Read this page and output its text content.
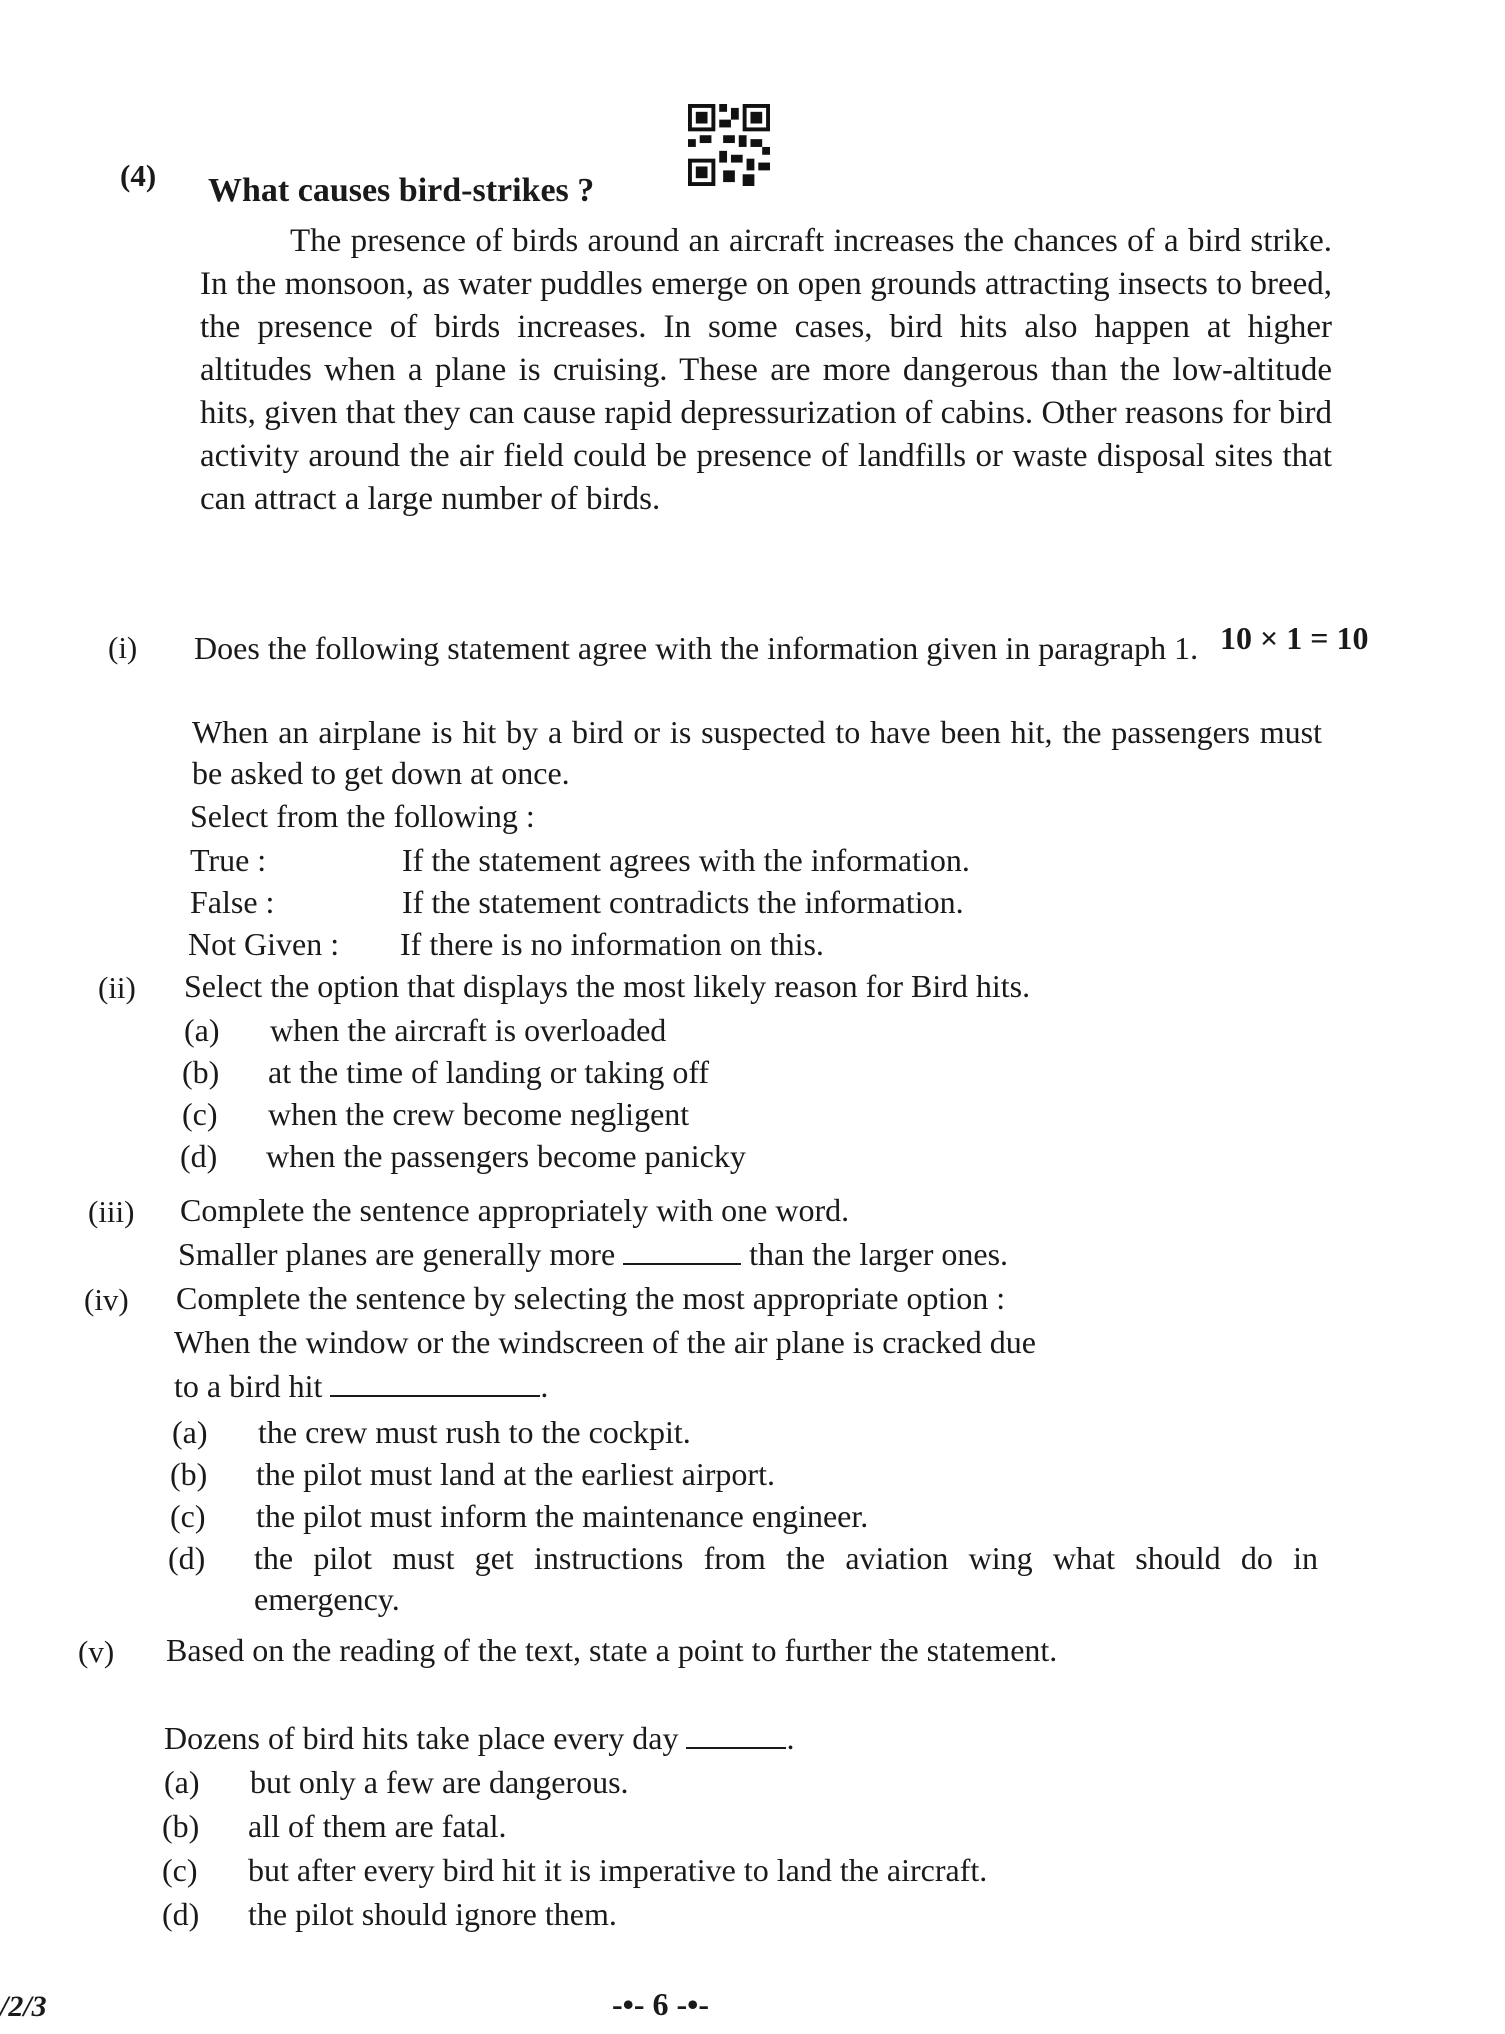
(4) What causes bird-strikes ?
The presence of birds around an aircraft increases the chances of a bird strike. In the monsoon, as water puddles emerge on open grounds attracting insects to breed, the presence of birds increases. In some cases, bird hits also happen at higher altitudes when a plane is cruising. These are more dangerous than the low-altitude hits, given that they can cause rapid depressurization of cabins. Other reasons for bird activity around the air field could be presence of landfills or waste disposal sites that can attract a large number of birds.
10 × 1 = 10
(i) Does the following statement agree with the information given in paragraph 1.
When an airplane is hit by a bird or is suspected to have been hit, the passengers must be asked to get down at once.
Select from the following :
True :	If the statement agrees with the information.
False :	If the statement contradicts the information.
Not Given : If there is no information on this.
(ii) Select the option that displays the most likely reason for Bird hits.
(a) when the aircraft is overloaded
(b) at the time of landing or taking off
(c) when the crew become negligent
(d) when the passengers become panicky
(iii) Complete the sentence appropriately with one word.
Smaller planes are generally more	than the larger ones.
(iv) Complete the sentence by selecting the most appropriate option :
When the window or the windscreen of the air plane is cracked due
to a bird hit	.
(a) the crew must rush to the cockpit.
(b) the pilot must land at the earliest airport.
(c) the pilot must inform the maintenance engineer.
(d)	the pilot must get instructions from the aviation wing what should do in emergency.
(v) Based on the reading of the text, state a point to further the statement.
Dozens of bird hits take place every day	.
(a) but only a few are dangerous.
(b) all of them are fatal.
(c) but after every bird hit it is imperative to land the aircraft.
(d) the pilot should ignore them.
/2/3	-•- 6 -•-
